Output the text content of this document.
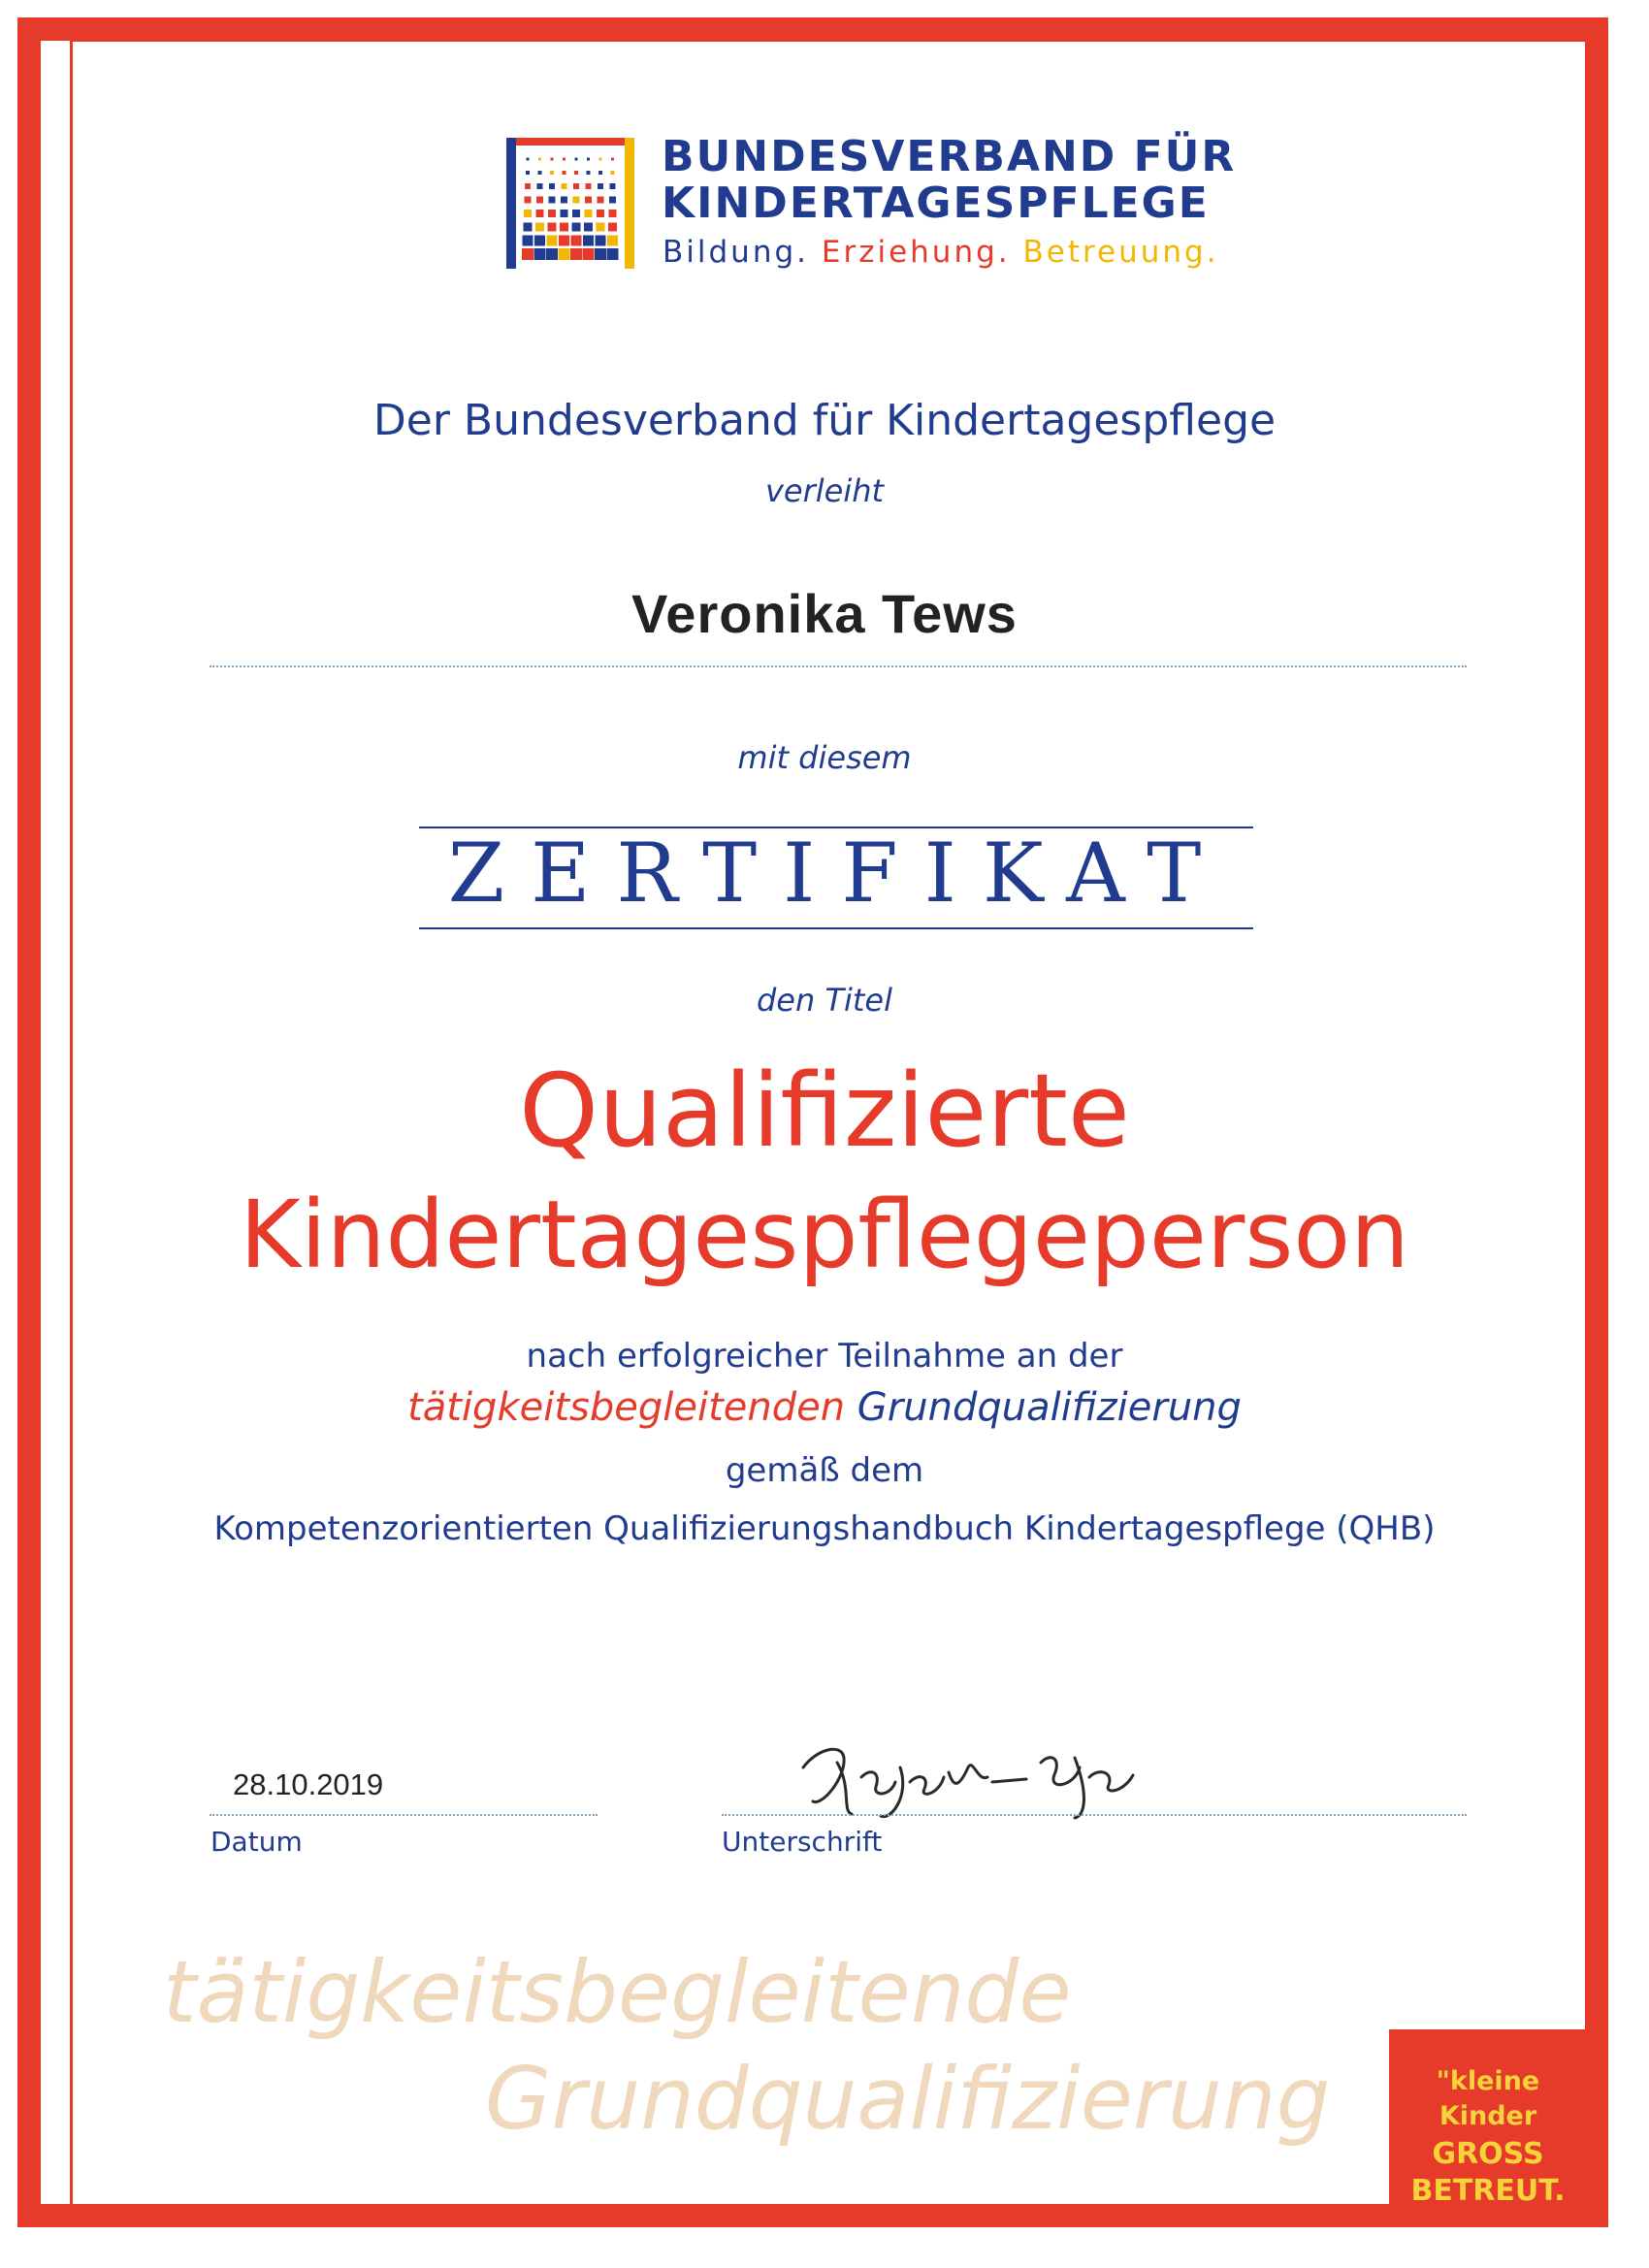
BUNDESVERBAND FÜR
KINDERTAGESPFLEGE
Bildung. Erziehung. Betreuung.
Der Bundesverband für Kindertagespflege
verleiht
Veronika Tews
mit diesem
ZERTIFIKAT
den Titel
Qualifizierte
Kindertagespflegeperson
nach erfolgreicher Teilnahme an der
tätigkeitsbegleitenden Grundqualifizierung
gemäß dem
Kompetenzorientierten Qualifizierungshandbuch Kindertagespflege (QHB)
28.10.2019
Datum	Unterschrift
tätigkeitsbegleitende
Grundqualifizierung	"kleine
Kinder
GROSS
BETREUT.
